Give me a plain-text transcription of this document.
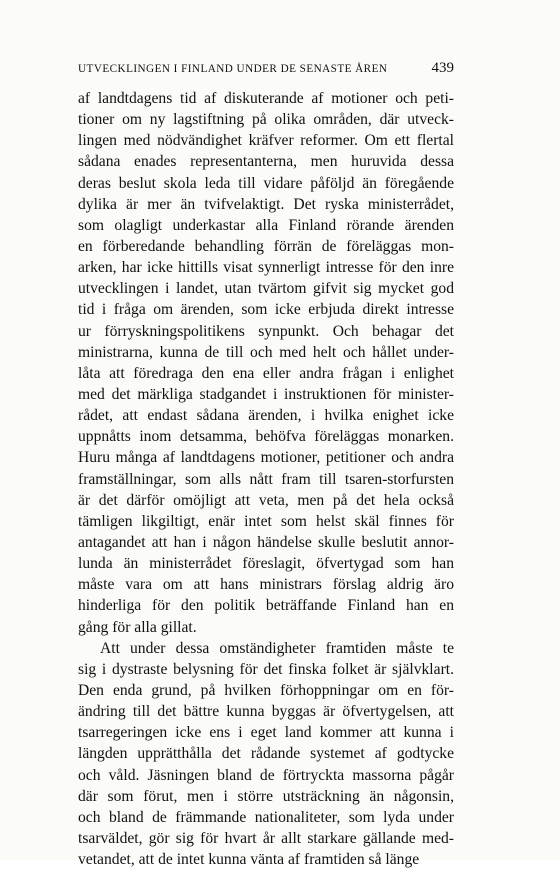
UTVECKLINGEN I FINLAND UNDER DE SENASTE ÅREN	439
af landtdagens tid af diskuterande af motioner och peti-
tioner om ny lagstiftning på olika områden, där utveck-
lingen med nödvändighet kräfver reformer. Om ett flertal
sådana enades representanterna, men huruvida dessa
deras beslut skola leda till vidare påföljd än föregående
dylika är mer än tvifvelaktigt. Det ryska ministerrådet,
som olagligt underkastar alla Finland rörande ärenden
en förberedande behandling förrän de föreläggas mon-
arken, har icke hittills visat synnerligt intresse för den inre
utvecklingen i landet, utan tvärtom gifvit sig mycket god
tid i fråga om ärenden, som icke erbjuda direkt intresse
ur förryskningspolitikens synpunkt. Och behagar det
ministrarna, kunna de till och med helt och hållet under-
låta att föredraga den ena eller andra frågan i enlighet
med det märkliga stadgandet i instruktionen för minister-
rådet, att endast sådana ärenden, i hvilka enighet icke
uppnåtts inom detsamma, behöfva föreläggas monarken.
Huru många af landtdagens motioner, petitioner och andra
framställningar, som alls nått fram till tsaren-storfursten
är det därför omöjligt att veta, men på det hela också
tämligen likgiltigt, enär intet som helst skäl finnes för
antagandet att han i någon händelse skulle beslutit annor-
lunda än ministerrådet föreslagit, öfvertygad som han
måste vara om att hans ministrars förslag aldrig äro
hinderliga för den politik beträffande Finland han en
gång för alla gillat.
Att under dessa omständigheter framtiden måste te
sig i dystraste belysning för det finska folket är självklart.
Den enda grund, på hvilken förhoppningar om en för-
ändring till det bättre kunna byggas är öfvertygelsen, att
tsarregeringen icke ens i eget land kommer att kunna i
längden upprätthålla det rådande systemet af godtycke
och våld. Jäsningen bland de förtryckta massorna pågår
där som förut, men i större utsträckning än någonsin,
och bland de främmande nationaliteter, som lyda under
tsarväldet, gör sig för hvart år allt starkare gällande med-
vetandet, att de intet kunna vänta af framtiden så länge
